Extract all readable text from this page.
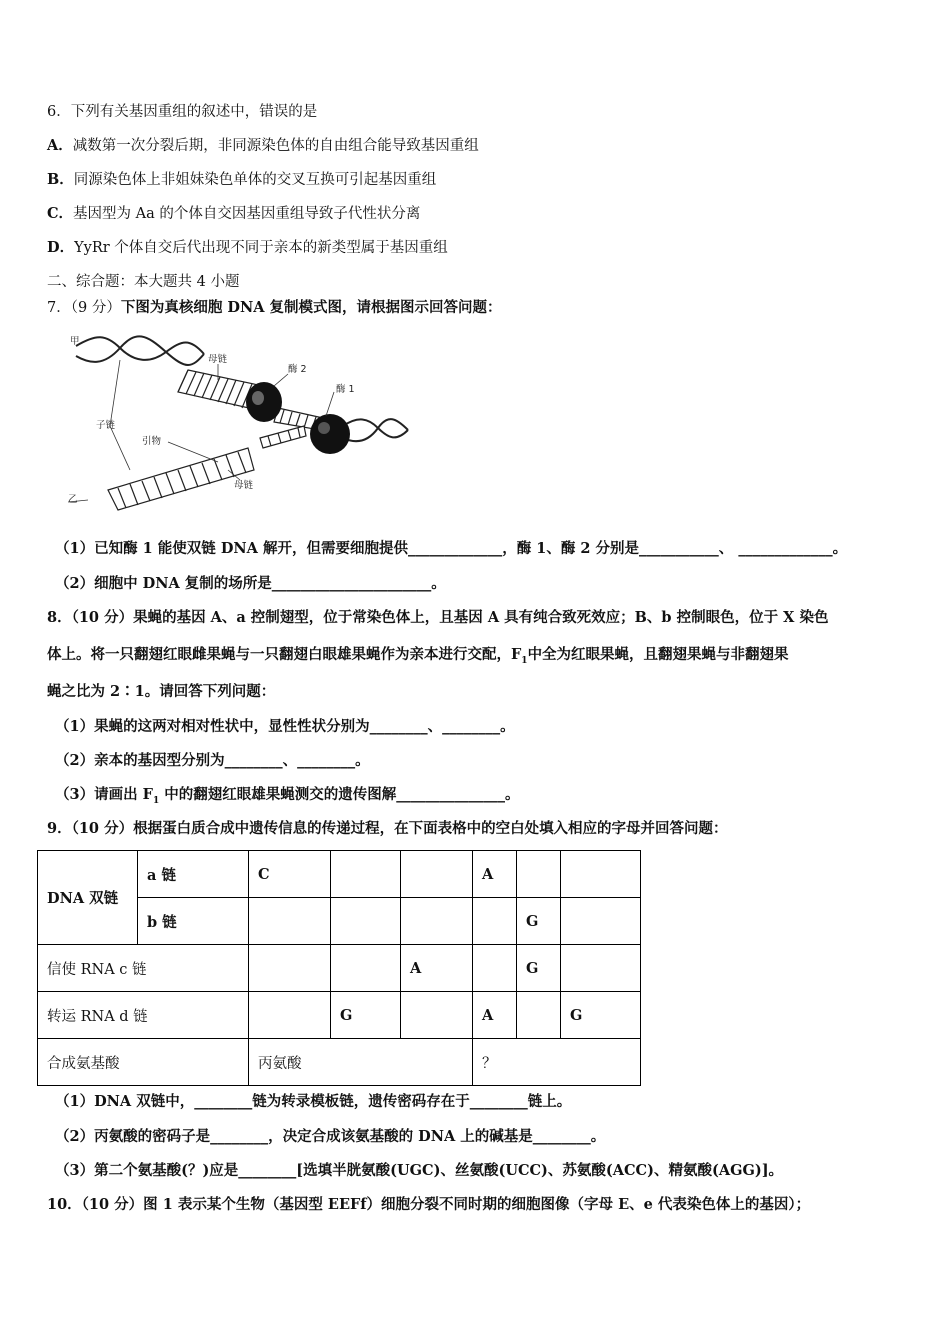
6．下列有关基因重组的叙述中，错误的是
A．减数第一次分裂后期，非同源染色体的自由组合能导致基因重组
B．同源染色体上非姐妹染色单体的交叉互换可引起基因重组
C．基因型为 Aa 的个体自交因基因重组导致子代性状分离
D．YyRr 个体自交后代出现不同于亲本的新类型属于基因重组
二、综合题：本大题共 4 小题
7．（9 分）下图为真核细胞 DNA 复制模式图，请根据图示回答问题：
甲
乙
母链
母链
子链
引物
酶 2
酶 1
（1）已知酶 1 能使双链 DNA 解开，但需要细胞提供_____________，酶 1、酶 2 分别是___________、 _____________。
（2）细胞中 DNA 复制的场所是______________________。
8．（10 分）果蝇的基因 A、a 控制翅型，位于常染色体上，且基因 A 具有纯合致死效应；B、b 控制眼色，位于 X 染色
体上。将一只翻翅红眼雌果蝇与一只翻翅白眼雄果蝇作为亲本进行交配，$F_1$中全为红眼果蝇，且翻翅果蝇与非翻翅果
蝇之比为 2∶1。请回答下列问题：
（1）果蝇的这两对相对性状中，显性性状分别为________、________。
（2）亲本的基因型分别为________、________。
（3）请画出 $F_1$ 中的翻翅红眼雄果蝇测交的遗传图解_______________。
9．（10 分）根据蛋白质合成中遗传信息的传递过程，在下面表格中的空白处填入相应的字母并回答问题：
DNA 双链	a 链	C			A		
	b 链					G	
信使 RNA c 链				A		G	
转运 RNA d 链			G		A		G
合成氨基酸		丙氨酸			？		
（1）DNA 双链中，________链为转录模板链，遗传密码存在于________链上。
（2）丙氨酸的密码子是________，决定合成该氨基酸的 DNA 上的碱基是________。
（3）第二个氨基酸(？)应是________[选填半胱氨酸(UGC)、丝氨酸(UCC)、苏氨酸(ACC)、精氨酸(AGG)]。
10．（10 分）图 1 表示某个生物（基因型 EEFf）细胞分裂不同时期的细胞图像（字母 E、e 代表染色体上的基因）；
